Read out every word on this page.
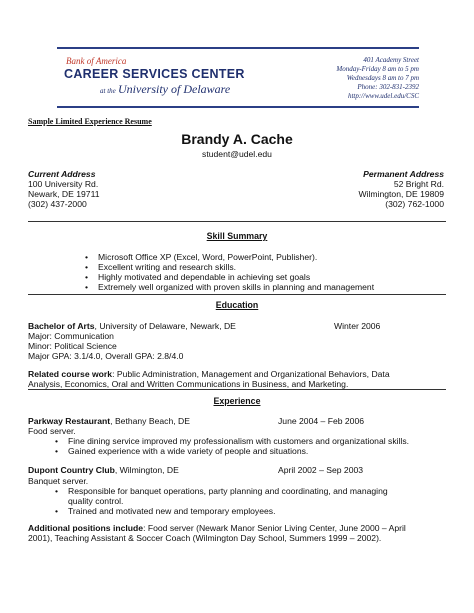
Bank of America
CAREER SERVICES CENTER
at the University of Delaware
401 Academy Street
Monday-Friday 8 am to 5 pm
Wednesdays 8 am to 7 pm
Phone: 302-831-2392
http://www.udel.edu/CSC
Sample Limited Experience Resume
Brandy A. Cache
student@udel.edu
Current Address
100 University Rd.
Newark, DE 19711
(302) 437-2000
Permanent Address
52 Bright Rd.
Wilmington, DE 19809
(302) 762-1000
Skill Summary
• Microsoft Office XP (Excel, Word, PowerPoint, Publisher).
• Excellent writing and research skills.
• Highly motivated and dependable in achieving set goals
• Extremely well organized with proven skills in planning and management
Education
Bachelor of Arts, University of Delaware, Newark, DE	Winter 2006
Major: Communication
Minor: Political Science
Major GPA: 3.1/4.0, Overall GPA: 2.8/4.0
Related course work: Public Administration, Management and Organizational Behaviors, Data
Analysis, Economics, Oral and Written Communications in Business, and Marketing.
Experience
Parkway Restaurant, Bethany Beach, DE	June 2004 – Feb 2006
Food server.
• Fine dining service improved my professionalism with customers and organizational skills.
• Gained experience with a wide variety of people and situations.
Dupont Country Club, Wilmington, DE	April 2002 – Sep 2003
Banquet server.
• Responsible for banquet operations, party planning and coordinating, and managing quality control.
• Trained and motivated new and temporary employees.
Additional positions include: Food server (Newark Manor Senior Living Center, June 2000 – April 2001), Teaching Assistant & Soccer Coach (Wilmington Day School, Summers 1999 – 2002).
